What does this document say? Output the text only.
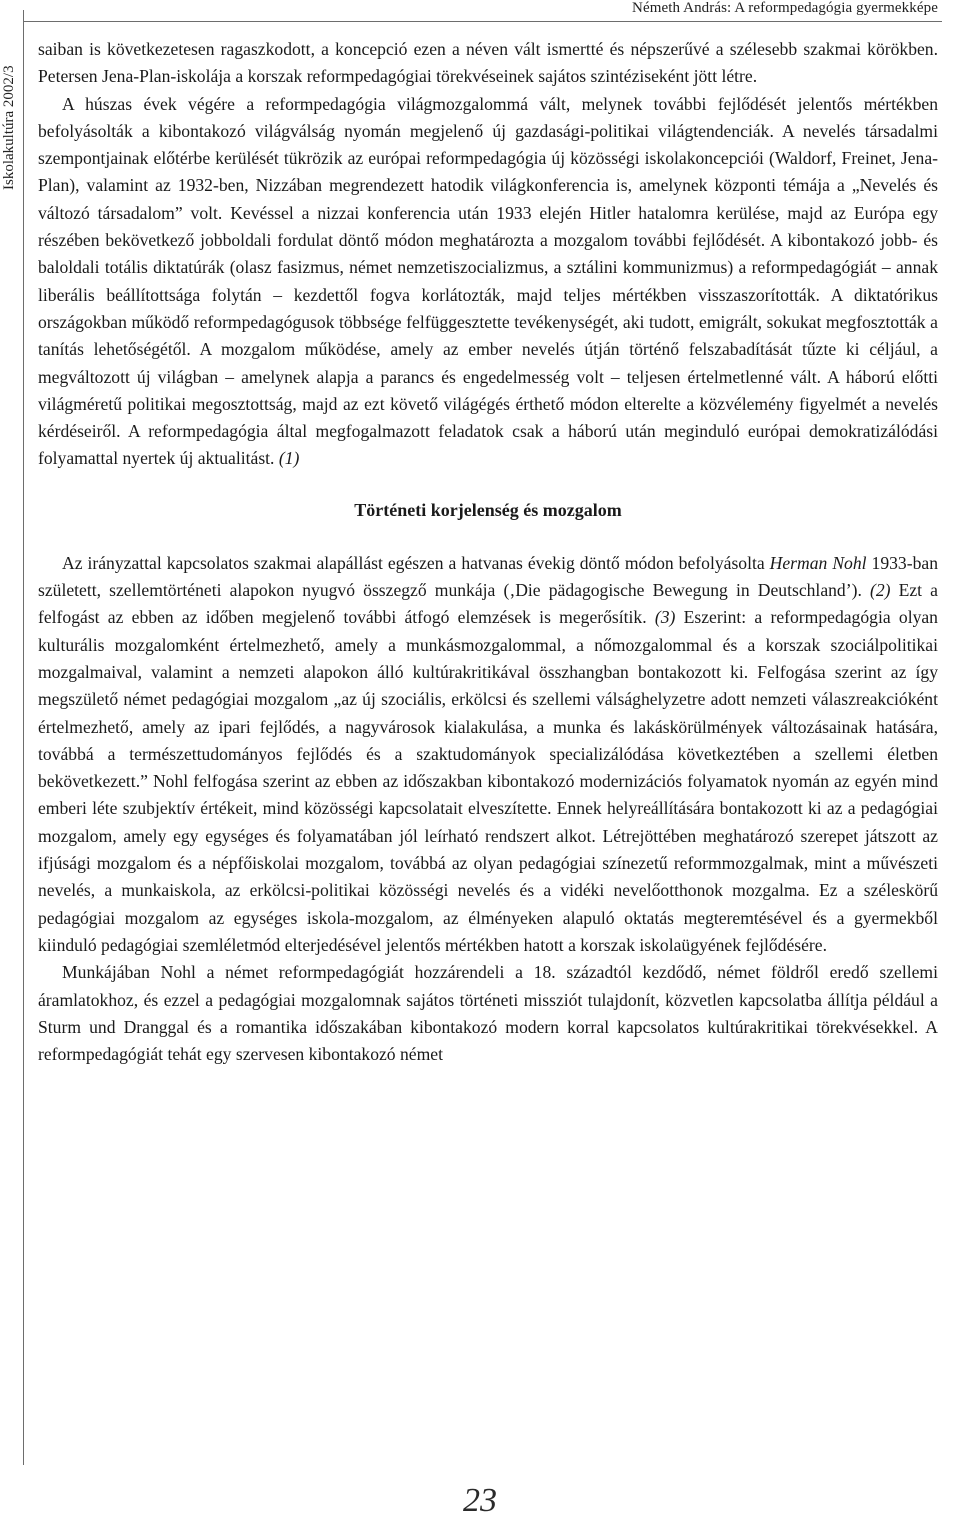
Iskolakultúra 2002/3
Németh András: A reformpedagógia gyermekképe

saiban is következetesen ragaszkodott, a koncepció ezen a néven vált ismertté és népszerűvé a szélesebb szakmai körökben. Petersen Jena-Plan-iskolája a korszak reformpedagógiai törekvéseinek sajátos szintéziseként jött létre.

A húszas évek végére a reformpedagógia világmozgalommá vált, melynek további fejlődését jelentős mértékben befolyásolták a kibontakozó világválság nyomán megjelenő új gazdasági-politikai világtendenciák. A nevelés társadalmi szempontjainak előtérbe kerülését tükrözik az európai reformpedagógia új közösségi iskolakoncepciói (Waldorf, Freinet, Jena-Plan), valamint az 1932-ben, Nizzában megrendezett hatodik világkonferencia is, amelynek központi témája a „Nevelés és változó társadalom” volt. Kevéssel a nizzai konferencia után 1933 elején Hitler hatalomra kerülése, majd az Európa egy részében bekövetkező jobboldali fordulat döntő módon meghatározta a mozgalom további fejlődését. A kibontakozó jobb- és baloldali totális diktatúrák (olasz fasizmus, német nemzetiszocializmus, a sztálini kommunizmus) a reformpedagógiát – annak liberális beállítottsága folytán – kezdettől fogva korlátozták, majd teljes mértékben visszaszorították. A diktatórikus országokban működő reformpedagógusok többsége felfüggesztette tevékenységét, aki tudott, emigrált, sokukat megfosztották a tanítás lehetőségétől. A mozgalom működése, amely az ember nevelés útján történő felszabadítását tűzte ki céljául, a megváltozott új világban – amelynek alapja a parancs és engedelmesség volt – teljesen értelmetlenné vált. A háború előtti világméretű politikai megosztottság, majd az ezt követő világégés érthető módon elterelte a közvélemény figyelmét a nevelés kérdéseiről. A reformpedagógia által megfogalmazott feladatok csak a háború után meginduló európai demokratizálódási folyamattal nyertek új aktualitást. (1)

Történeti korjelenség és mozgalom

Az irányzattal kapcsolatos szakmai alapállást egészen a hatvanas évekig döntő módon befolyásolta Herman Nohl 1933-ban született, szellemtörténeti alapokon nyugvó összegző munkája (‚Die pädagogische Bewegung in Deutschland’). (2) Ezt a felfogást az ebben az időben megjelenő további átfogó elemzések is megerősítik. (3) Eszerint: a reformpedagógia olyan kulturális mozgalomként értelmezhető, amely a munkásmozgalommal, a nőmozgalommal és a korszak szociálpolitikai mozgalmaival, valamint a nemzeti alapokon álló kultúrakritikával összhangban bontakozott ki. Felfogása szerint az így megszülető német pedagógiai mozgalom „az új szociális, erkölcsi és szellemi válsághelyzetre adott nemzeti válaszreakcióként értelmezhető, amely az ipari fejlődés, a nagyvárosok kialakulása, a munka és lakáskörülmények változásainak hatására, továbbá a természettudományos fejlődés és a szaktudományok specializálódása következtében a szellemi életben bekövetkezett.” Nohl felfogása szerint az ebben az időszakban kibontakozó modernizációs folyamatok nyomán az egyén mind emberi léte szubjektív értékeit, mind közösségi kapcsolatait elveszítette. Ennek helyreállítására bontakozott ki az a pedagógiai mozgalom, amely egy egységes és folyamatában jól leírható rendszert alkot. Létrejöttében meghatározó szerepet játszott az ifjúsági mozgalom és a népfőiskolai mozgalom, továbbá az olyan pedagógiai színezetű reformmozgalmak, mint a művészeti nevelés, a munkaiskola, az erkölcsi-politikai közösségi nevelés és a vidéki nevelőotthonok mozgalma. Ez a széleskörű pedagógiai mozgalom az egységes iskola-mozgalom, az élményeken alapuló oktatás megteremtésével és a gyermekből kiinduló pedagógiai szemléletmód elterjedésével jelentős mértékben hatott a korszak iskolaügyének fejlődésére.

Munkájában Nohl a német reformpedagógiát hozzárendeli a 18. századtól kezdődő, német földről eredő szellemi áramlatokhoz, és ezzel a pedagógiai mozgalomnak sajátos történeti missziót tulajdonít, közvetlen kapcsolatba állítja például a Sturm und Dranggal és a romantika időszakában kibontakozó modern korral kapcsolatos kultúrakritikai törekvésekkel. A reformpedagógiát tehát egy szervesen kibontakozó német

23
